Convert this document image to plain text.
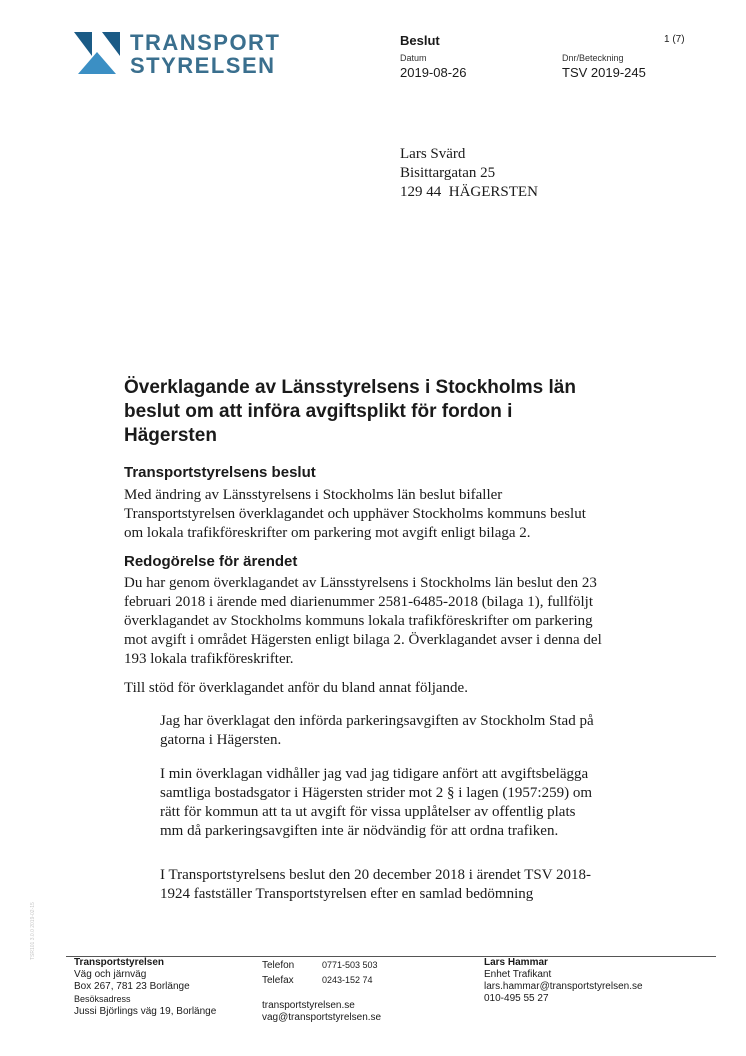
TRANSPORT
STYRELSEN
Beslut	1 (7)
Datum
2019-08-26
Dnr/Beteckning
TSV 2019-245
Lars Svärd
Bisittargatan 25
129 44  HÄGERSTEN
Överklagande av Länsstyrelsens i Stockholms län beslut om att införa avgiftsplikt för fordon i Hägersten
Transportstyrelsens beslut

Med ändring av Länsstyrelsens i Stockholms län beslut bifaller Transportstyrelsen överklagandet och upphäver Stockholms kommuns beslut om lokala trafikföreskrifter om parkering mot avgift enligt bilaga 2.

Redogörelse för ärendet

Du har genom överklagandet av Länsstyrelsens i Stockholms län beslut den 23 februari 2018 i ärende med diarienummer 2581-6485-2018 (bilaga 1), fullföljt överklagandet av Stockholms kommuns lokala trafikföreskrifter om parkering mot avgift i området Hägersten enligt bilaga 2. Överklagandet avser i denna del 193 lokala trafikföreskrifter.

Till stöd för överklagandet anför du bland annat följande.

Jag har överklagat den införda parkeringsavgiften av Stockholm Stad på gatorna i Hägersten.

I min överklagan vidhåller jag vad jag tidigare anfört att avgiftsbelägga samtliga bostadsgator i Hägersten strider mot 2 § i lagen (1957:259) om rätt för kommun att ta ut avgift för vissa upplåtelser av offentlig plats mm då parkeringsavgiften inte är nödvändig för att ordna trafiken.

I Transportstyrelsens beslut den 20 december 2018 i ärendet TSV 2018-1924 fastställer Transportstyrelsen efter en samlad bedömning

TSR101 3.0.0 2019-02-15
Transportstyrelsen
Väg och järnväg
Box 267, 781 23 Borlänge
Besöksadress
Jussi Björlings väg 19, Borlänge
Telefon	0771-503 503
Telefax	0243-152 74
transportstyrelsen.se
vag@transportstyrelsen.se
Lars Hammar
Enhet Trafikant
lars.hammar@transportstyrelsen.se
010-495 55 27
